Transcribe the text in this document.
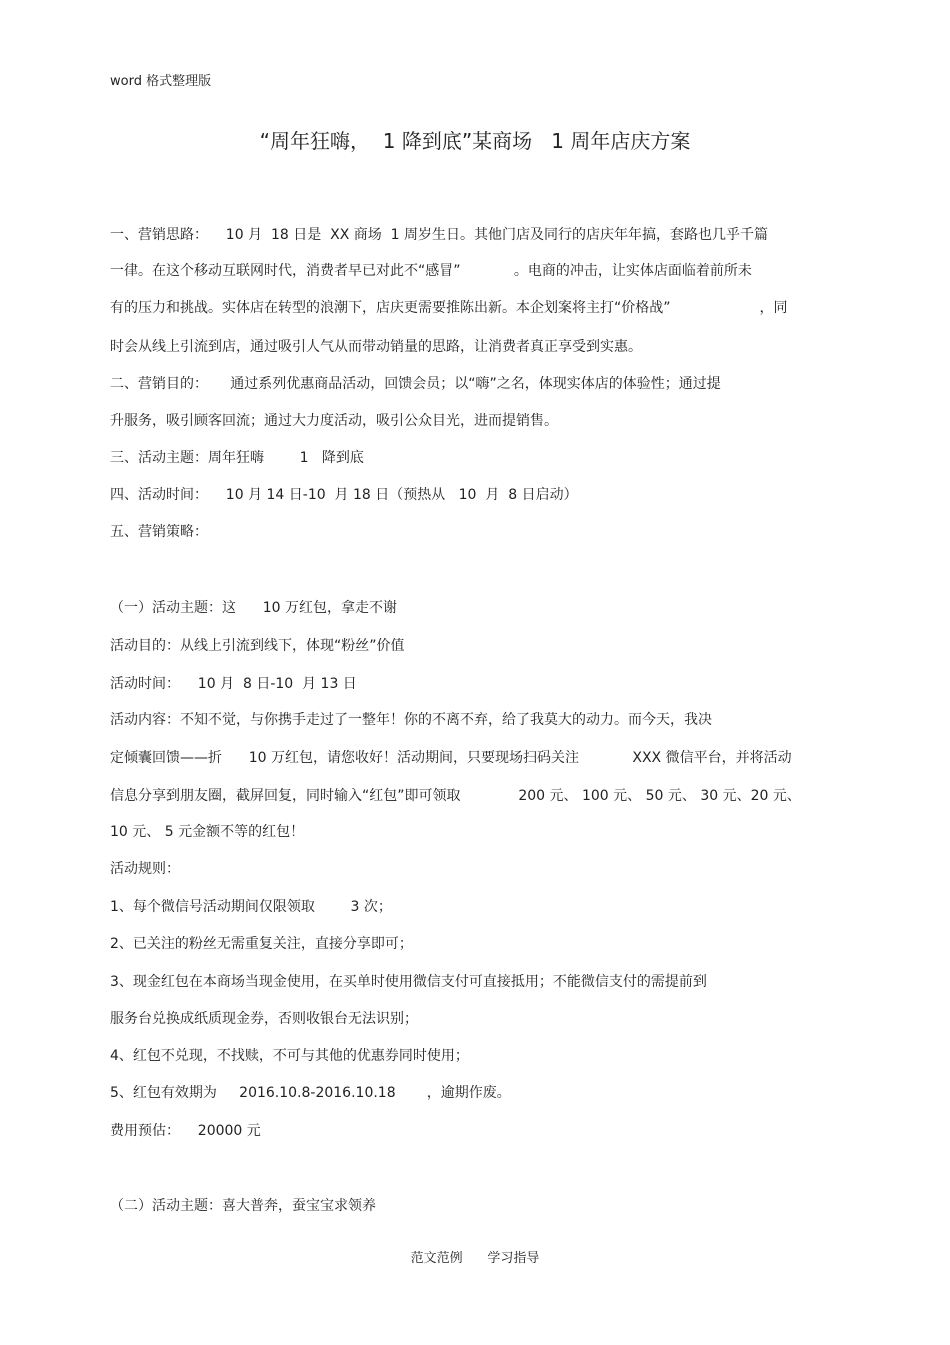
word 格式整理版
“周年狂嗨，  1 降到底”某商场   1 周年店庆方案
一、营销思路：    10 月  18 日是  XX 商场  1 周岁生日。其他门店及同行的店庆年年搞，套路也几乎千篇
一律。在这个移动互联网时代，消费者早已对此不“感冒”            。电商的冲击，让实体店面临着前所未
有的压力和挑战。实体店在转型的浪潮下，店庆更需要推陈出新。本企划案将主打“价格战”                    ，同
时会从线上引流到店，通过吸引人气从而带动销量的思路，让消费者真正享受到实惠。
二、营销目的：     通过系列优惠商品活动，回馈会员；以“嗨”之名，体现实体店的体验性；通过提
升服务，吸引顾客回流；通过大力度活动，吸引公众目光，进而提销售。
三、活动主题：周年狂嗨        1   降到底
四、活动时间：    10 月 14 日-10  月 18 日（预热从   10  月  8 日启动）
五、营销策略：
（一）活动主题：这      10 万红包，拿走不谢
活动目的：从线上引流到线下，体现“粉丝”价值
活动时间：    10 月  8 日-10  月 13 日
活动内容：不知不觉，与你携手走过了一整年！你的不离不弃，给了我莫大的动力。而今天，我决
定倾囊回馈——折      10 万红包，请您收好！活动期间，只要现场扫码关注            XXX 微信平台，并将活动
信息分享到朋友圈，截屏回复，同时输入“红包”即可领取             200 元、 100 元、 50 元、 30 元、20 元、
10 元、 5 元金额不等的红包！
活动规则：
1、每个微信号活动期间仅限领取        3 次；
2、已关注的粉丝无需重复关注，直接分享即可；
3、现金红包在本商场当现金使用，在买单时使用微信支付可直接抵用；不能微信支付的需提前到
服务台兑换成纸质现金券，否则收银台无法识别；
4、红包不兑现，不找赎，不可与其他的优惠券同时使用；
5、红包有效期为     2016.10.8-2016.10.18       ，逾期作废。
费用预估：    20000 元
（二）活动主题：喜大普奔，蚕宝宝求领养
范文范例      学习指导
